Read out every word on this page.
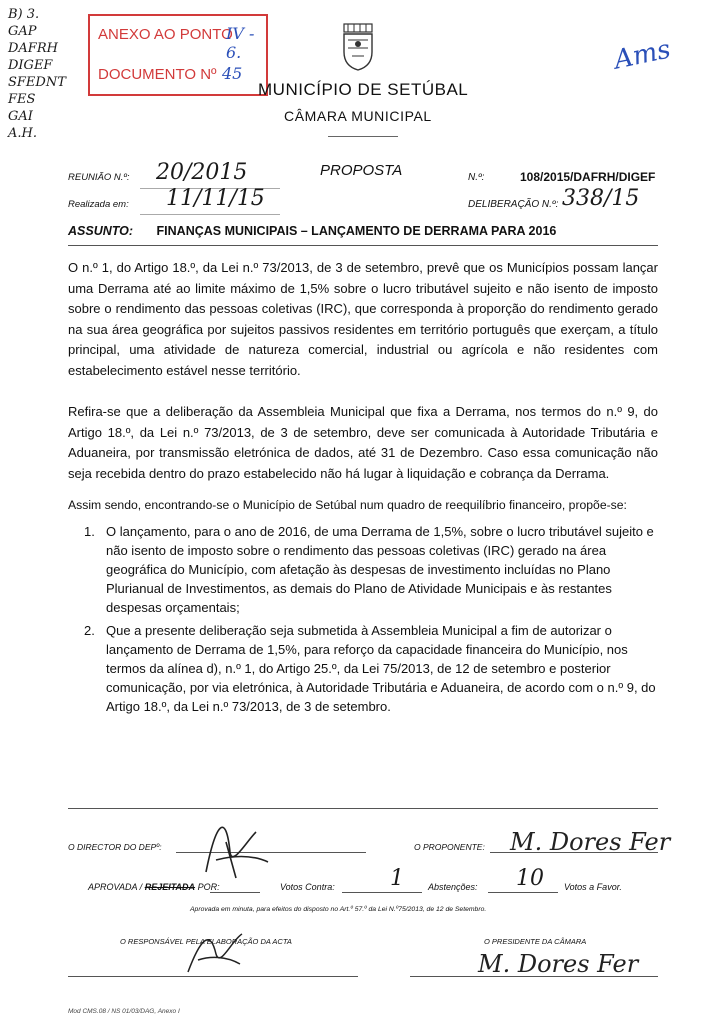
B) 3.
GAP
DAFRH
DIGEF
SFEDNT
FES
GAI
A.H.
ANEXO AO PONTO
IV - 6.
DOCUMENTO Nº 45	Ams
MUNICÍPIO DE SETÚBAL
CÂMARA MUNICIPAL
REUNIÃO N.º: 20/2015	PROPOSTA	N.º:	108/2015/DAFRH/DIGEF
Realizada em: 11/11/15	DELIBERAÇÃO N.º: 338/15
ASSUNTO: FINANÇAS MUNICIPAIS – LANÇAMENTO DE DERRAMA PARA 2016
O n.º 1, do Artigo 18.º, da Lei n.º 73/2013, de 3 de setembro, prevê que os Municípios possam lançar uma Derrama até ao limite máximo de 1,5% sobre o lucro tributável sujeito e não isento de imposto sobre o rendimento das pessoas coletivas (IRC), que corresponda à proporção do rendimento gerado na sua área geográfica por sujeitos passivos residentes em território português que exerçam, a título principal, uma atividade de natureza comercial, industrial ou agrícola e não residentes com estabelecimento estável nesse território.
Refira-se que a deliberação da Assembleia Municipal que fixa a Derrama, nos termos do n.º 9, do Artigo 18.º, da Lei n.º 73/2013, de 3 de setembro, deve ser comunicada à Autoridade Tributária e Aduaneira, por transmissão eletrónica de dados, até 31 de Dezembro. Caso essa comunicação não seja recebida dentro do prazo estabelecido não há lugar à liquidação e cobrança da Derrama.
Assim sendo, encontrando-se o Município de Setúbal num quadro de reequilíbrio financeiro, propõe-se:
1. O lançamento, para o ano de 2016, de uma Derrama de 1,5%, sobre o lucro tributável sujeito e não isento de imposto sobre o rendimento das pessoas coletivas (IRC) gerado na área geográfica do Município, com afetação às despesas de investimento incluídas no Plano Plurianual de Investimentos, as demais do Plano de Atividade Municipais e às restantes despesas orçamentais;
2. Que a presente deliberação seja submetida à Assembleia Municipal a fim de autorizar o lançamento de Derrama de 1,5%, para reforço da capacidade financeira do Município, nos termos da alínea d), n.º 1, do Artigo 25.º, da Lei 75/2013, de 12 de setembro e posterior comunicação, por via eletrónica, à Autoridade Tributária e Aduaneira, de acordo com o n.º 9, do Artigo 18.º, da Lei n.º 73/2013, de 3 de setembro.
O DIRECTOR DO DEPº:	O PROPONENTE: M. Dores Fer
APROVADA / REJEITADA POR:	Votos Contra:	1	Abstenções: 10 Votos a Favor.
Aprovada em minuta, para efeitos do disposto no Art.º 57.º da Lei N.º75/2013, de 12 de Setembro.
O RESPONSÁVEL PELA ELABORAÇÃO DA ACTA	O PRESIDENTE DA CÂMARA
M. Dores Fer
Mod CMS.08 / NS 01/03/DAG, Anexo I
